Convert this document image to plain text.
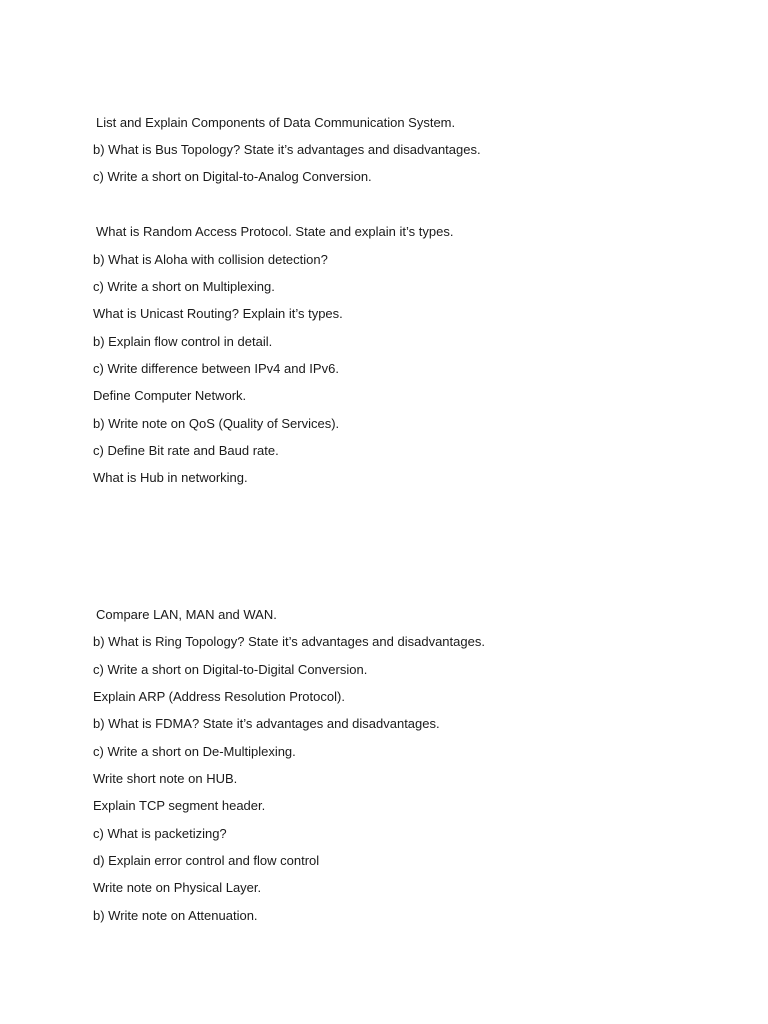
List and Explain Components of Data Communication System.
b) What is Bus Topology? State it’s advantages and disadvantages.
c) Write a short on Digital-to-Analog Conversion.
What is Random Access Protocol. State and explain it’s types.
b) What is Aloha with collision detection?
c) Write a short on Multiplexing.
What is Unicast Routing? Explain it’s types.
b) Explain flow control in detail.
c) Write difference between IPv4 and IPv6.
Define Computer Network.
b) Write note on QoS (Quality of Services).
c) Define Bit rate and Baud rate.
What is Hub in networking.
Compare LAN, MAN and WAN.
b) What is Ring Topology? State it’s advantages and disadvantages.
c) Write a short on Digital-to-Digital Conversion.
Explain ARP (Address Resolution Protocol).
b) What is FDMA? State it’s advantages and disadvantages.
c) Write a short on De-Multiplexing.
Write short note on HUB.
Explain TCP segment header.
c) What is packetizing?
d) Explain error control and flow control
Write note on Physical Layer.
b) Write note on Attenuation.
